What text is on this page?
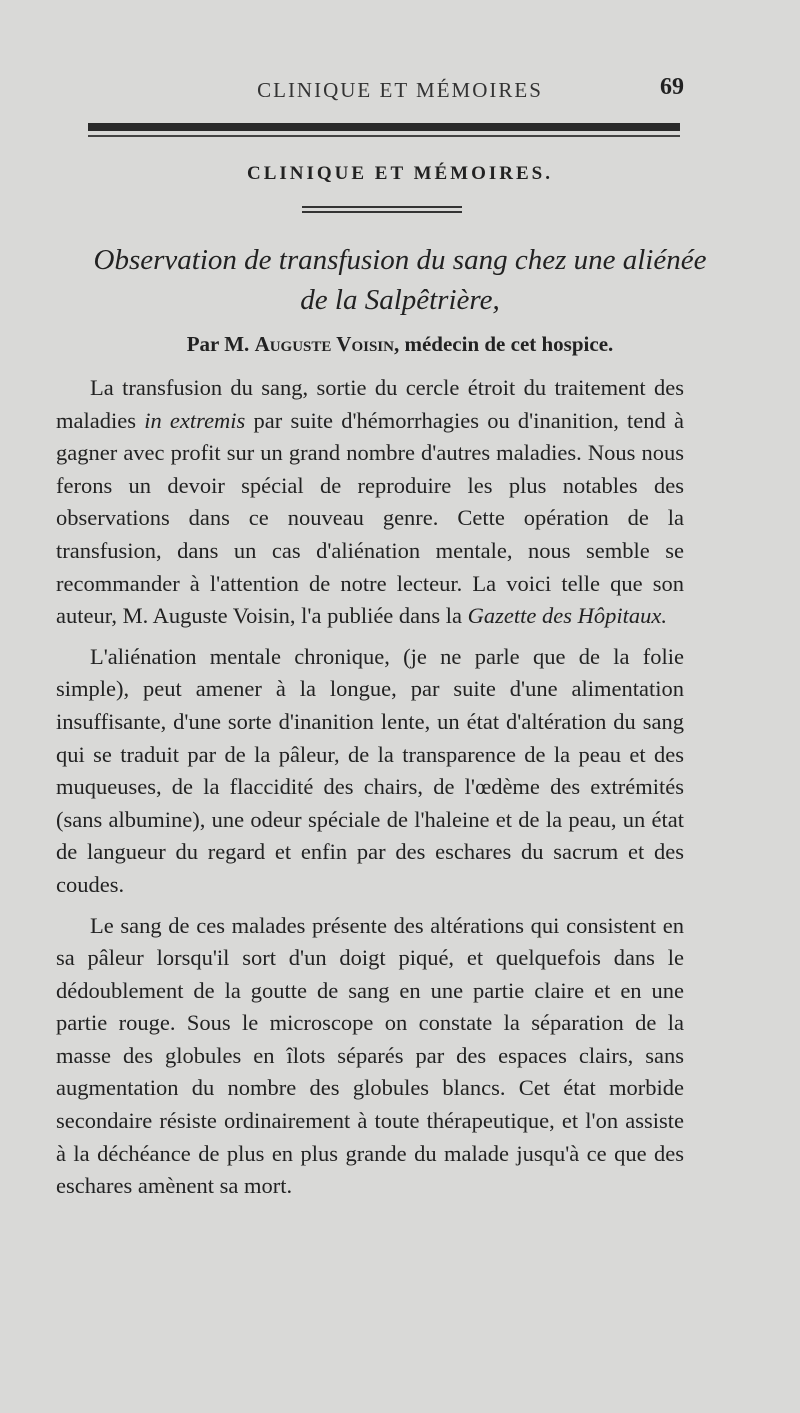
CLINIQUE ET MÉMOIRES	69
CLINIQUE ET MÉMOIRES.
Observation de transfusion du sang chez une aliénée
de la Salpêtrière,
Par M. Auguste Voisin, médecin de cet hospice.

La transfusion du sang, sortie du cercle étroit du traitement des maladies in extremis par suite d'hémorrhagies ou d'inanition, tend à gagner avec profit sur un grand nombre d'autres maladies. Nous nous ferons un devoir spécial de reproduire les plus notables des observations dans ce nouveau genre. Cette opération de la transfusion, dans un cas d'aliénation mentale, nous semble se recommander à l'attention de notre lecteur. La voici telle que son auteur, M. Auguste Voisin, l'a publiée dans la Gazette des Hôpitaux.

L'aliénation mentale chronique, (je ne parle que de la folie simple), peut amener à la longue, par suite d'une alimentation insuffisante, d'une sorte d'inanition lente, un état d'altération du sang qui se traduit par de la pâleur, de la transparence de la peau et des muqueuses, de la flaccidité des chairs, de l'œdème des extrémités (sans albumine), une odeur spéciale de l'haleine et de la peau, un état de langueur du regard et enfin par des eschares du sacrum et des coudes.

Le sang de ces malades présente des altérations qui consistent en sa pâleur lorsqu'il sort d'un doigt piqué, et quelquefois dans le dédoublement de la goutte de sang en une partie claire et en une partie rouge. Sous le microscope on constate la séparation de la masse des globules en îlots séparés par des espaces clairs, sans augmentation du nombre des globules blancs. Cet état morbide secondaire résiste ordinairement à toute thérapeutique, et l'on assiste à la déchéance de plus en plus grande du malade jusqu'à ce que des eschares amènent sa mort.
